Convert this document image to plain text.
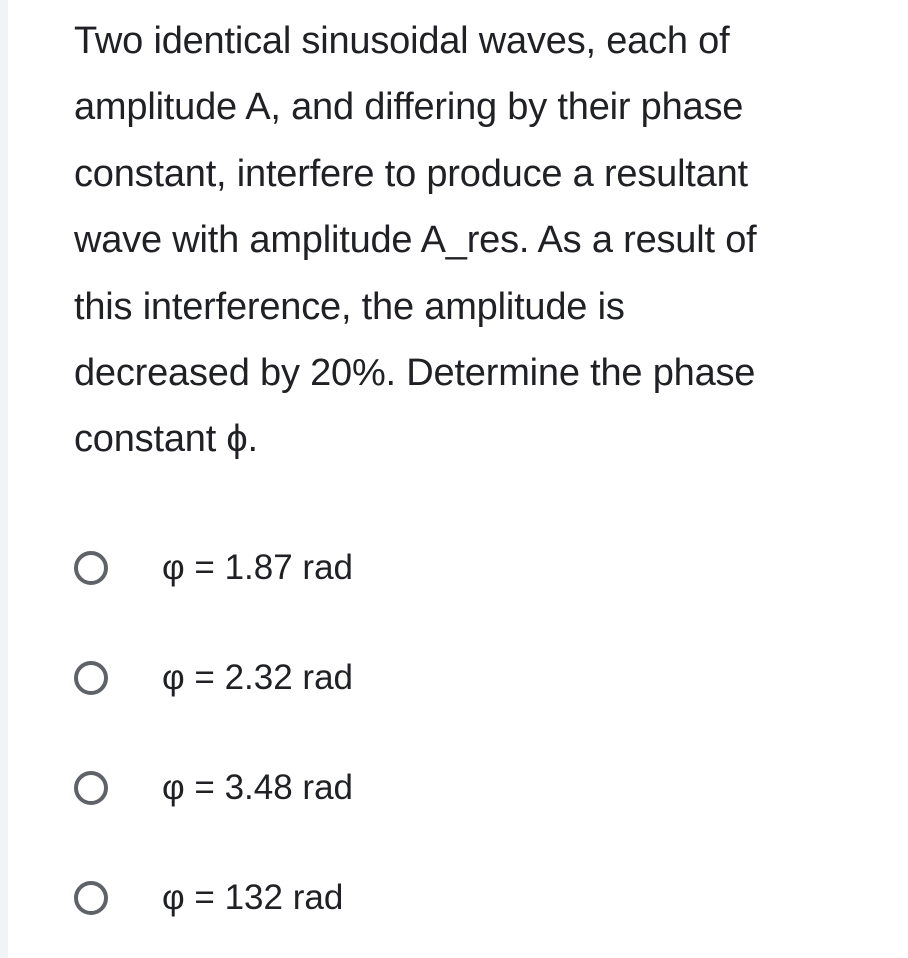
Two identical sinusoidal waves, each of
amplitude A, and differing by their phase
constant, interfere to produce a resultant
wave with amplitude A_res. As a result of
this interference, the amplitude is
decreased by 20%. Determine the phase
constant ϕ.
φ = 1.87 rad
φ = 2.32 rad
φ = 3.48 rad
φ = 132 rad
